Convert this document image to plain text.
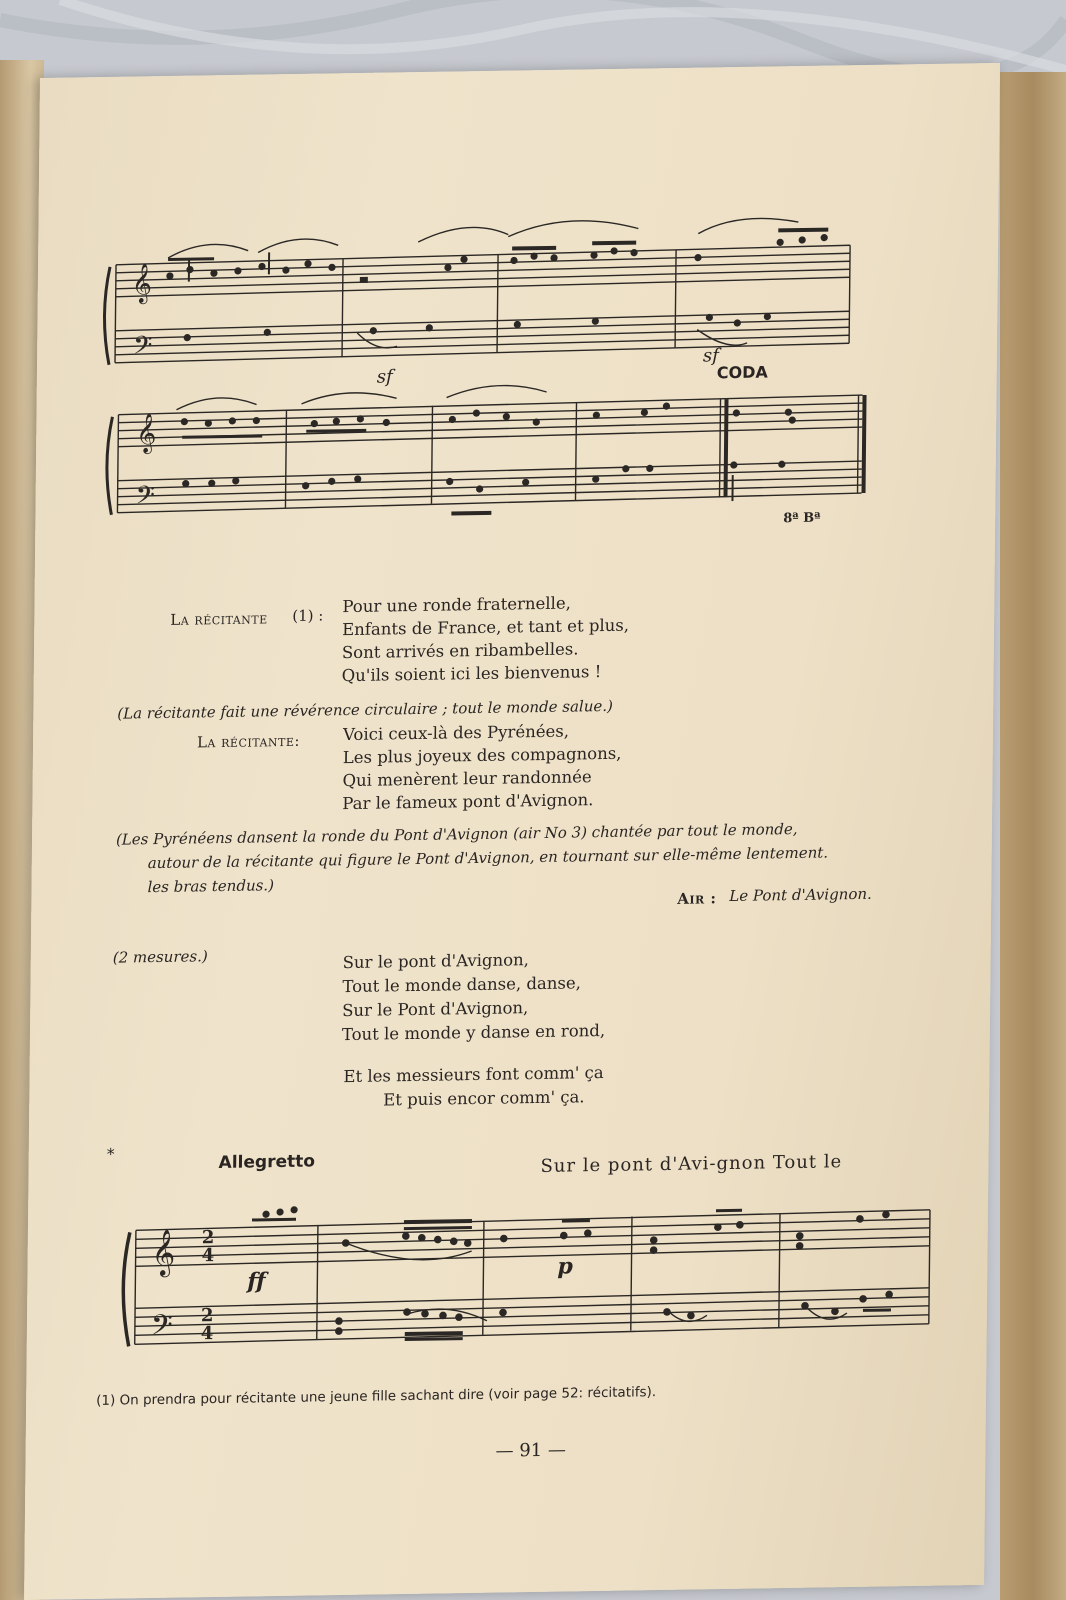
𝄞
𝄢
𝄞
𝄢
sf
sf
CODA
8ª Bª
La récitante (1) : Pour une ronde fraternelle,
Enfants de France, et tant et plus,
Sont arrivés en ribambelles.
Qu'ils soient ici les bienvenus !
(La récitante fait une révérence circulaire ; tout le monde salue.)
La récitante:	Voici ceux-là des Pyrénées,
Les plus joyeux des compagnons,
Qui menèrent leur randonnée
Par le fameux pont d'Avignon.
(Les Pyrénéens dansent la ronde du Pont d'Avignon (air No 3) chantée par tout le monde,
autour de la récitante qui figure le Pont d'Avignon, en tournant sur elle-même lentement.
les bras tendus.)
Air : Le Pont d'Avignon.
(2 mesures.)	Sur le pont d'Avignon,
Tout le monde danse, danse,
Sur le Pont d'Avignon,
Tout le monde y danse en rond,
Et les messieurs font comm' ça
Et puis encor comm' ça.
*	Allegretto	Sur le pont d'Avi-gnon Tout le
𝄞
𝄢
2
4
2
4
ff
p
(1) On prendra pour récitante une jeune fille sachant dire (voir page 52: récitatifs).
— 91 —
